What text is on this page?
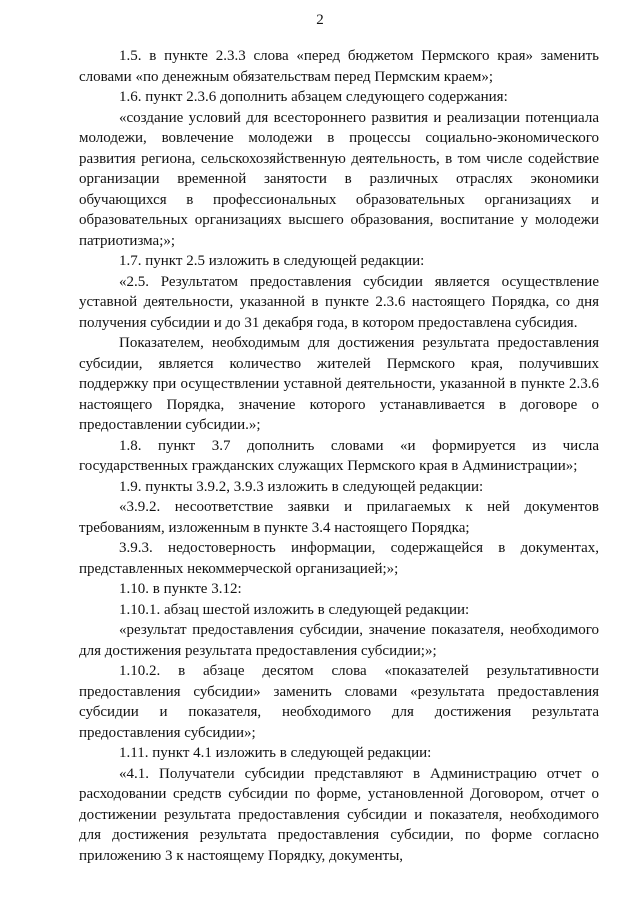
2

1.5. в пункте 2.3.3 слова «перед бюджетом Пермского края» заменить словами «по денежным обязательствам перед Пермским краем»;

1.6. пункт 2.3.6 дополнить абзацем следующего содержания:

«создание условий для всестороннего развития и реализации потенциала молодежи, вовлечение молодежи в процессы социально-экономического развития региона, сельскохозяйственную деятельность, в том числе содействие организации временной занятости в различных отраслях экономики обучающихся в профессиональных образовательных организациях и образовательных организациях высшего образования, воспитание у молодежи патриотизма;»;

1.7. пункт 2.5 изложить в следующей редакции:

«2.5. Результатом предоставления субсидии является осуществление уставной деятельности, указанной в пункте 2.3.6 настоящего Порядка, со дня получения субсидии и до 31 декабря года, в котором предоставлена субсидия.

Показателем, необходимым для достижения результата предоставления субсидии, является количество жителей Пермского края, получивших поддержку при осуществлении уставной деятельности, указанной в пункте 2.3.6 настоящего Порядка, значение которого устанавливается в договоре о предоставлении субсидии.»;

1.8. пункт 3.7 дополнить словами «и формируется из числа государственных гражданских служащих Пермского края в Администрации»;

1.9. пункты 3.9.2, 3.9.3 изложить в следующей редакции:

«3.9.2. несоответствие заявки и прилагаемых к ней документов требованиям, изложенным в пункте 3.4 настоящего Порядка;

3.9.3. недостоверность информации, содержащейся в документах, представленных некоммерческой организацией;»;

1.10. в пункте 3.12:

1.10.1. абзац шестой изложить в следующей редакции:

«результат предоставления субсидии, значение показателя, необходимого для достижения результата предоставления субсидии;»;

1.10.2. в абзаце десятом слова «показателей результативности предоставления субсидии» заменить словами «результата предоставления субсидии и показателя, необходимого для достижения результата предоставления субсидии»;

1.11. пункт 4.1 изложить в следующей редакции:

«4.1. Получатели субсидии представляют в Администрацию отчет о расходовании средств субсидии по форме, установленной Договором, отчет о достижении результата предоставления субсидии и показателя, необходимого для достижения результата предоставления субсидии, по форме согласно приложению 3 к настоящему Порядку, документы,
